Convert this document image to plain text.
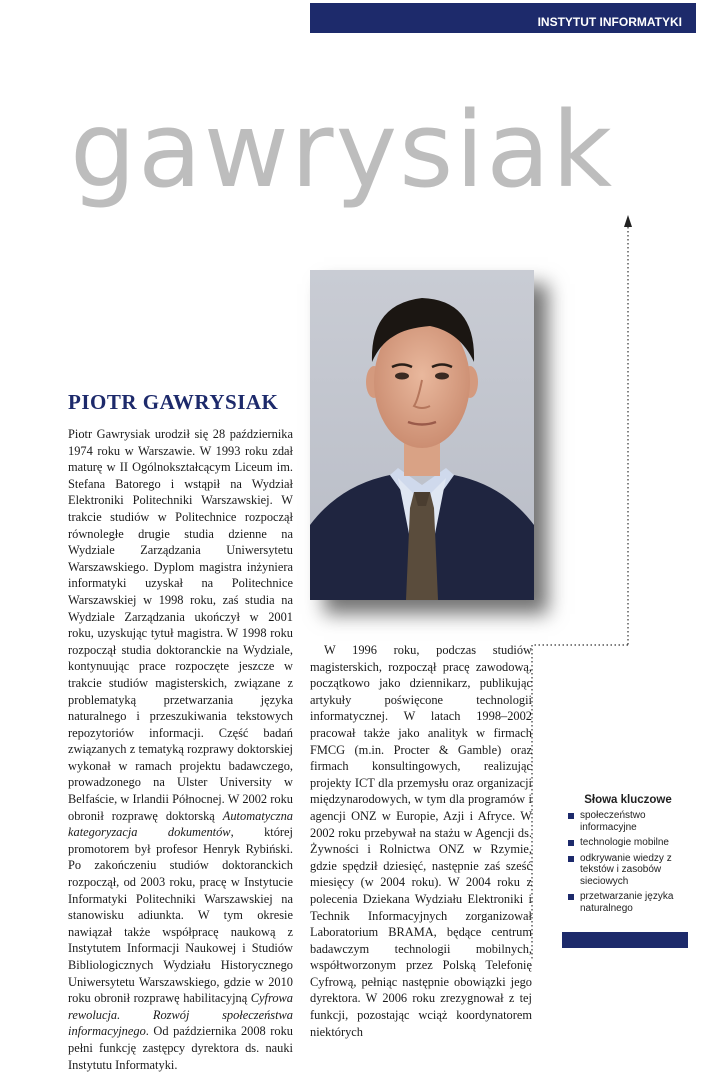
INSTYTUT INFORMATYKI
gawrysiak
PIOTR GAWRYSIAK

Piotr Gawrysiak urodził się 28 października 1974 roku w Warszawie. W 1993 roku zdał maturę w II Ogólnokształcącym Liceum im. Stefana Batorego i wstąpił na Wydział Elektroniki Politechniki Warszawskiej. W trakcie studiów w Politechnice rozpoczął równoległe drugie studia dzienne na Wydziale Zarządzania Uniwersytetu Warszawskiego. Dyplom magistra inżyniera informatyki uzyskał na Politechnice Warszawskiej w 1998 roku, zaś studia na Wydziale Zarządzania ukończył w 2001 roku, uzyskując tytuł magistra. W 1998 roku rozpoczął studia doktoranckie na Wydziale, kontynuując prace rozpoczęte jeszcze w trakcie studiów magisterskich, związane z problematyką przetwarzania języka naturalnego i przeszukiwania tekstowych repozytoriów informacji. Część badań związanych z tematyką rozprawy doktorskiej wykonał w ramach projektu badawczego, prowadzonego na Ulster University w Belfaście, w Irlandii Północnej. W 2002 roku obronił rozprawę doktorską Automatyczna kategoryzacja dokumentów, której promotorem był profesor Henryk Rybiński. Po zakończeniu studiów doktoranckich rozpoczął, od 2003 roku, pracę w Instytucie Informatyki Politechniki Warszawskiej na stanowisku adiunkta. W tym okresie nawiązał także współpracę naukową z Instytutem Informacji Naukowej i Studiów Bibliologicznych Wydziału Historycznego Uniwersytetu Warszawskiego, gdzie w 2010 roku obronił rozprawę habilitacyjną Cyfrowa rewolucja. Rozwój społeczeństwa informacyjnego. Od października 2008 roku pełni funkcję zastępcy dyrektora ds. nauki Instytutu Informatyki.

W 1996 roku, podczas studiów magisterskich, rozpoczął pracę zawodową, początkowo jako dziennikarz, publikując artykuły poświęcone technologii informatycznej. W latach 1998–2002 pracował także jako analityk w firmach FMCG (m.in. Procter & Gamble) oraz firmach konsultingowych, realizując projekty ICT dla przemysłu oraz organizacji międzynarodowych, w tym dla programów i agencji ONZ w Europie, Azji i Afryce. W 2002 roku przebywał na stażu w Agencji ds. Żywności i Rolnictwa ONZ w Rzymie, gdzie spędził dziesięć, następnie zaś sześć miesięcy (w 2004 roku). W 2004 roku z polecenia Dziekana Wydziału Elektroniki i Technik Informacyjnych zorganizował Laboratorium BRAMA, będące centrum badawczym technologii mobilnych, współtworzonym przez Polską Telefonię Cyfrową, pełniąc następnie obowiązki jego dyrektora. W 2006 roku zrezygnował z tej funkcji, pozostając wciąż koordynatorem niektórych

Słowa kluczowe
społeczeństwo informacyjne
technologie mobilne
odkrywanie wiedzy z tekstów i zasobów sieciowych
przetwarzanie języka naturalnego
